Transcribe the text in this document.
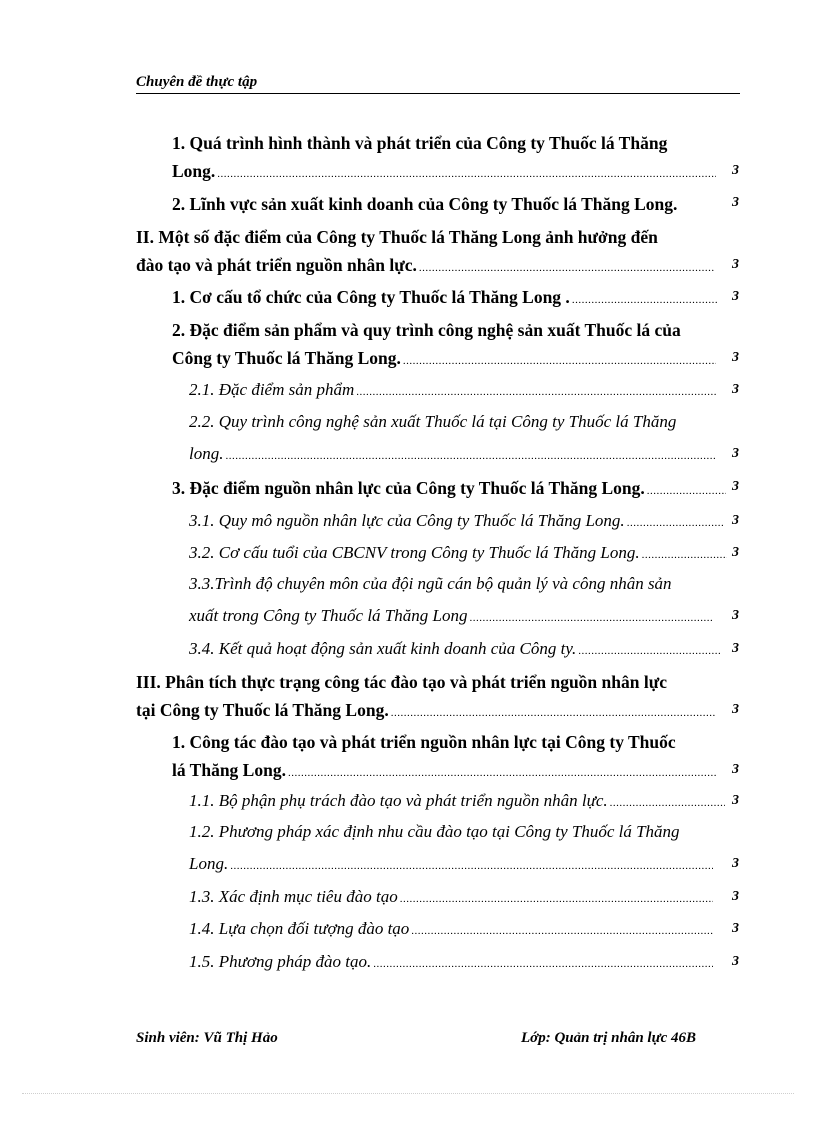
Chuyên đề thực tập
1. Quá trình hình thành và phát triển của Công ty Thuốc lá Thăng
Long. .....	3
2. Lĩnh vực sản xuất kinh doanh của Công ty Thuốc lá Thăng Long.	3
II. Một số đặc điểm của Công ty Thuốc lá Thăng Long ảnh hưởng đến
đào tạo và phát triển nguồn nhân lực. .....	3
1. Cơ cấu tổ chức của Công ty Thuốc lá Thăng Long . .....	3
2. Đặc điểm sản phẩm và quy trình công nghệ sản xuất Thuốc lá của
Công ty Thuốc lá Thăng Long. .....	3
2.1. Đặc điểm sản phẩm .....	3
2.2. Quy trình công nghệ sản xuất Thuốc lá tại Công ty Thuốc lá Thăng
long. .....	3
3. Đặc điểm nguồn nhân lực của Công ty Thuốc lá Thăng Long. .....	3
3.1. Quy mô nguồn nhân lực của Công ty Thuốc lá Thăng Long. .....	3
3.2. Cơ cấu tuổi của CBCNV trong Công ty Thuốc lá Thăng Long. .....	3
3.3.Trình độ chuyên môn của đội ngũ cán bộ quản lý và công nhân sản
xuất trong Công ty Thuốc lá Thăng Long .....	3
3.4. Kết quả hoạt động sản xuất kinh doanh của Công ty. .....	3
III. Phân tích thực trạng công tác đào tạo và phát triển nguồn nhân lực
tại Công ty Thuốc lá Thăng Long. .....	3
1. Công tác đào tạo và phát triển nguồn nhân lực tại Công ty Thuốc
lá Thăng Long. .....	3
1.1. Bộ phận phụ trách đào tạo và phát triển nguồn nhân lực. .....	3
1.2. Phương pháp xác định nhu cầu đào tạo tại Công ty Thuốc lá Thăng
Long. .....	3
1.3. Xác định mục tiêu đào tạo .....	3
1.4. Lựa chọn đối tượng đào tạo .....	3
1.5. Phương pháp đào tạo. .....	3
Sinh viên: Vũ Thị Hảo	Lớp: Quản trị nhân lực 46B
